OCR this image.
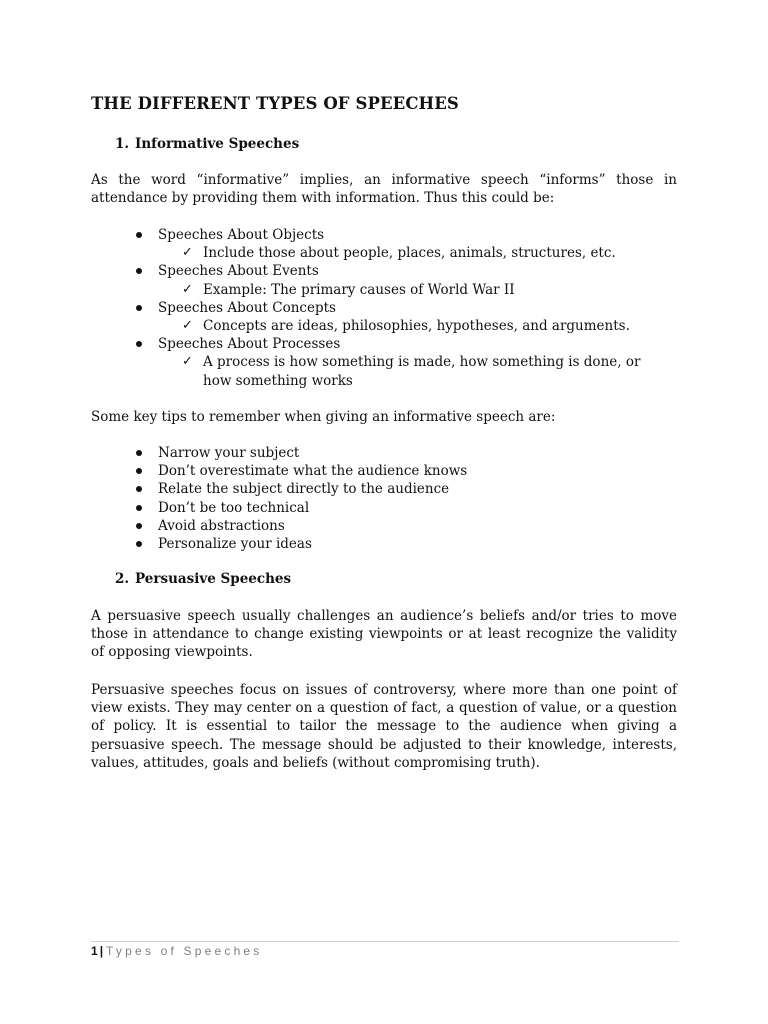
THE DIFFERENT TYPES OF SPEECHES
1. Informative Speeches

As the word “informative” implies, an informative speech “informs” those in attendance by providing them with information. Thus this could be:

Speeches About Objects
✓ Include those about people, places, animals, structures, etc.
Speeches About Events
✓ Example: The primary causes of World War II
Speeches About Concepts
✓ Concepts are ideas, philosophies, hypotheses, and arguments.
Speeches About Processes
✓ A process is how something is made, how something is done, or how something works

Some key tips to remember when giving an informative speech are:

Narrow your subject
Don’t overestimate what the audience knows
Relate the subject directly to the audience
Don’t be too technical
Avoid abstractions
Personalize your ideas
2. Persuasive Speeches

A persuasive speech usually challenges an audience’s beliefs and/or tries to move those in attendance to change existing viewpoints or at least recognize the validity of opposing viewpoints.

Persuasive speeches focus on issues of controversy, where more than one point of view exists. They may center on a question of fact, a question of value, or a question of policy. It is essential to tailor the message to the audience when giving a persuasive speech. The message should be adjusted to their knowledge, interests, values, attitudes, goals and beliefs (without compromising truth).

1 | Types of Speeches
